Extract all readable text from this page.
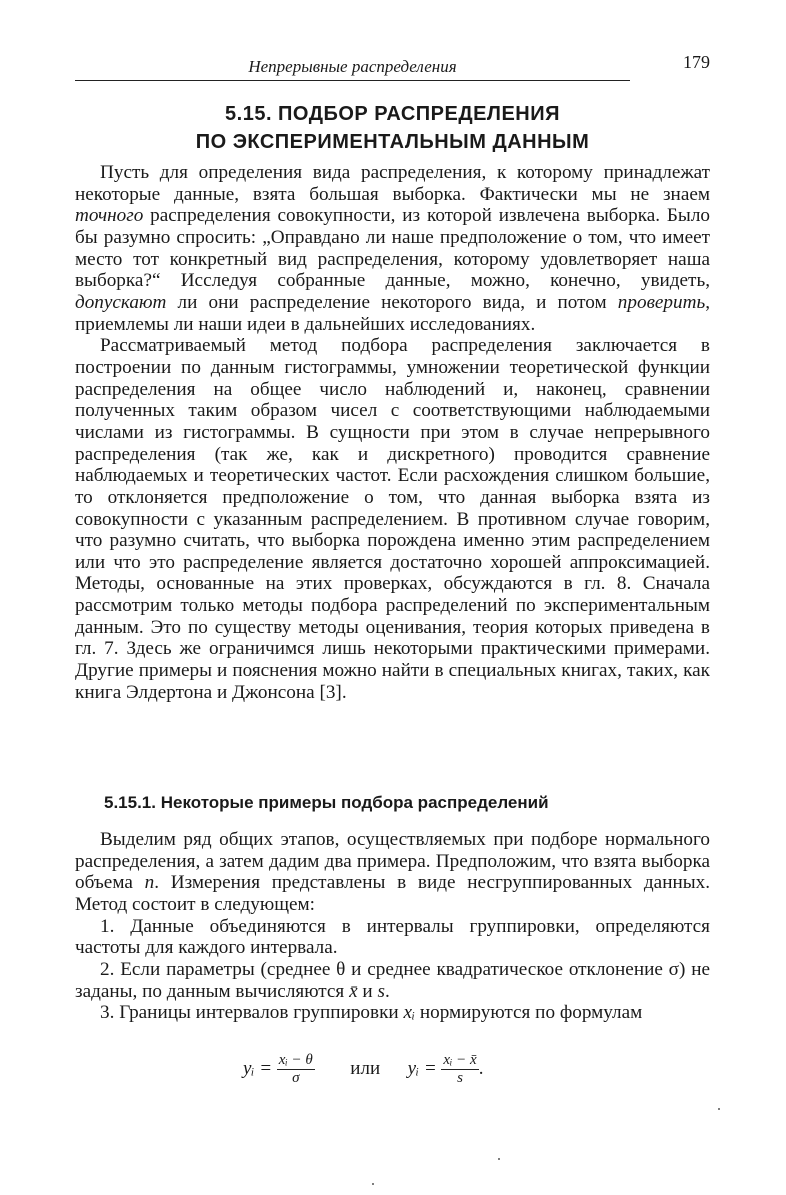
Непрерывные распределения	179
5.15. ПОДБОР РАСПРЕДЕЛЕНИЯ
ПО ЭКСПЕРИМЕНТАЛЬНЫМ ДАННЫМ

Пусть для определения вида распределения, к которому принадлежат некоторые данные, взята большая выборка. Фактически мы не знаем точного распределения совокупности, из которой извлечена выборка. Было бы разумно спросить: „Оправдано ли наше предположение о том, что имеет место тот конкретный вид распределения, которому удовлетворяет наша выборка?“ Исследуя собранные данные, можно, конечно, увидеть, допускают ли они распределение некоторого вида, и потом проверить, приемлемы ли наши идеи в дальнейших исследованиях.

Рассматриваемый метод подбора распределения заключается в построении по данным гистограммы, умножении теоретической функции распределения на общее число наблюдений и, наконец, сравнении полученных таким образом чисел с соответствующими наблюдаемыми числами из гистограммы. В сущности при этом в случае непрерывного распределения (так же, как и дискретного) проводится сравнение наблюдаемых и теоретических частот. Если расхождения слишком большие, то отклоняется предположение о том, что данная выборка взята из совокупности с указанным распределением. В противном случае говорим, что разумно считать, что выборка порождена именно этим распределением или что это распределение является достаточно хорошей аппроксимацией. Методы, основанные на этих проверках, обсуждаются в гл. 8. Сначала рассмотрим только методы подбора распределений по экспериментальным данным. Это по существу методы оценивания, теория которых приведена в гл. 7. Здесь же ограничимся лишь некоторыми практическими примерами. Другие примеры и пояснения можно найти в специальных книгах, таких, как книга Элдертона и Джонсона [3].

5.15.1. Некоторые примеры подбора распределений

Выделим ряд общих этапов, осуществляемых при подборе нормального распределения, а затем дадим два примера. Предположим, что взята выборка объема n. Измерения представлены в виде несгруппированных данных. Метод состоит в следующем:

1. Данные объединяются в интервалы группировки, определяются частоты для каждого интервала.

2. Если параметры (среднее θ и среднее квадратическое отклонение σ) не заданы, по данным вычисляются x̄ и s.

3. Границы интервалов группировки xᵢ нормируются по формулам

yᵢ = $\frac{\text{xᵢ − θ}}{\sigma}$ или yᵢ = $\frac{\text{xᵢ − x̄}}{s}$ .
